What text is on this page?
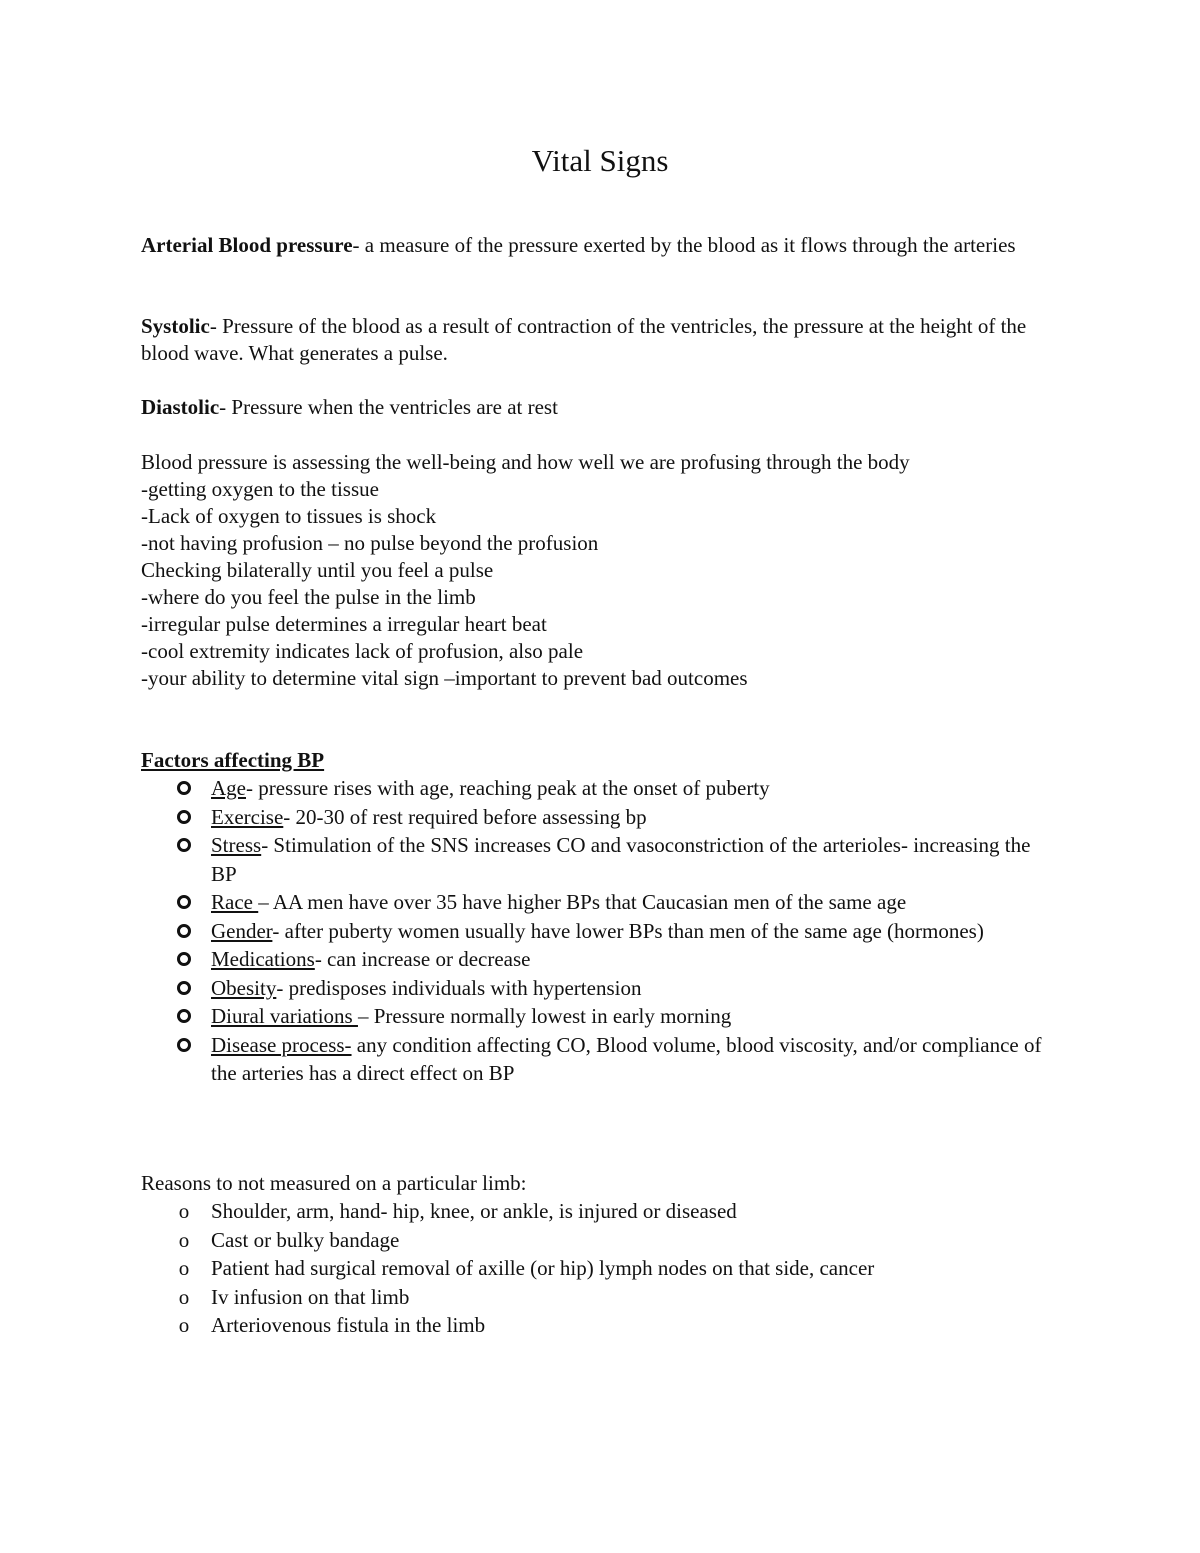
Vital Signs
Arterial Blood pressure- a measure of the pressure exerted by the blood as it flows through the arteries
Systolic- Pressure of the blood as a result of contraction of the ventricles, the pressure at the height of the blood wave. What generates a pulse.
Diastolic- Pressure when the ventricles are at rest
Blood pressure is assessing the well-being and how well we are profusing through the body
-getting oxygen to the tissue
-Lack of oxygen to tissues is shock
-not having profusion – no pulse beyond the profusion
Checking bilaterally until you feel a pulse
-where do you feel the pulse in the limb
-irregular pulse determines a irregular heart beat
-cool extremity indicates lack of profusion, also pale
-your ability to determine vital sign –important to prevent bad outcomes
Factors affecting BP
Age- pressure rises with age, reaching peak at the onset of puberty
Exercise- 20-30 of rest required before assessing bp
Stress- Stimulation of the SNS increases CO and vasoconstriction of the arterioles- increasing the BP
Race – AA men have over 35 have higher BPs that Caucasian men of the same age
Gender- after puberty women usually have lower BPs than men of the same age (hormones)
Medications- can increase or decrease
Obesity- predisposes individuals with hypertension
Diural variations – Pressure normally lowest in early morning
Disease process- any condition affecting CO, Blood volume, blood viscosity, and/or compliance of the arteries has a direct effect on BP
Reasons to not measured on a particular limb:
o Shoulder, arm, hand- hip, knee, or ankle, is injured or diseased
o Cast or bulky bandage
o Patient had surgical removal of axille (or hip) lymph nodes on that side, cancer
o Iv infusion on that limb
o Arteriovenous fistula in the limb
